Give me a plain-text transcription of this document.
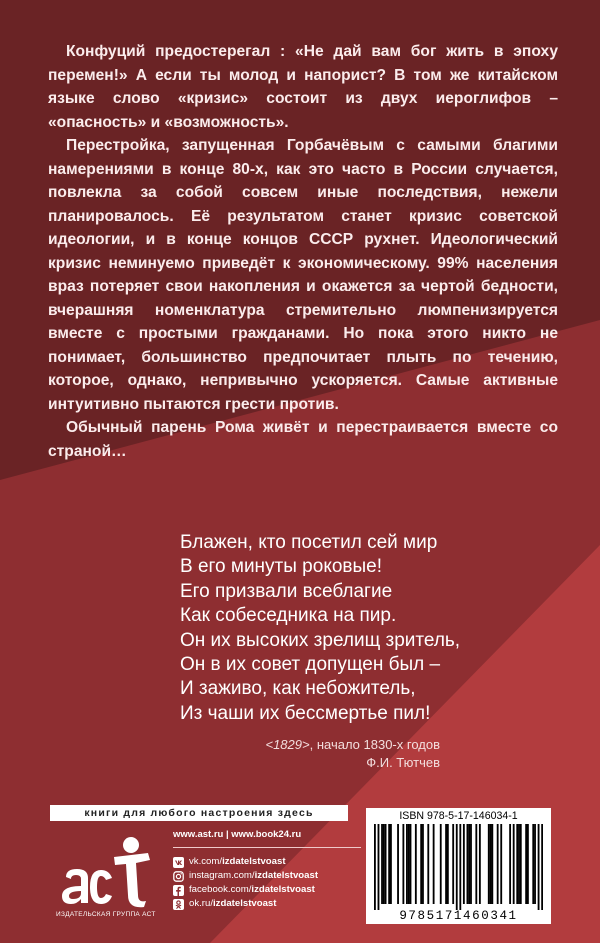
Конфуций предостерегал : «Не дай вам бог жить в эпоху перемен!» А если ты молод и напорист? В том же китайском языке слово «кризис» состоит из двух иероглифов – «опасность» и «возможность».

Перестройка, запущенная Горбачёвым с самыми благими намерениями в конце 80-х, как это часто в России случается, повлекла за собой совсем иные последствия, нежели планировалось. Её результатом станет кризис советской идеологии, и в конце концов СССР рухнет. Идеологический кризис неминуемо приведёт к экономическому. 99% населения враз потеряет свои накопления и окажется за чертой бедности, вчерашняя номенклатура стремительно люмпенизируется вместе с простыми гражданами. Но пока этого никто не понимает, большинство предпочитает плыть по течению, которое, однако, непривычно ускоряется. Самые активные интуитивно пытаются грести против.

Обычный парень Рома живёт и перестраивается вместе со страной…

Блажен, кто посетил сей мир
В его минуты роковые!
Его призвали всеблагие
Как собеседника на пир.
Он их высоких зрелищ зритель,
Он в их совет допущен был –
И заживо, как небожитель,
Из чаши их бессмертье пил!
<1829>, начало 1830-х годов
Ф.И. Тютчев
книги для любого настроения здесь
ИЗДАТЕЛЬСКАЯ ГРУППА АСТ
www.ast.ru | www.book24.ru
vk.com/izdatelstvoast
instagram.com/izdatelstvoast
facebook.com/izdatelstvoast
ok.ru/izdatelstvoast
ISBN 978-5-17-146034-1
9785171460341
